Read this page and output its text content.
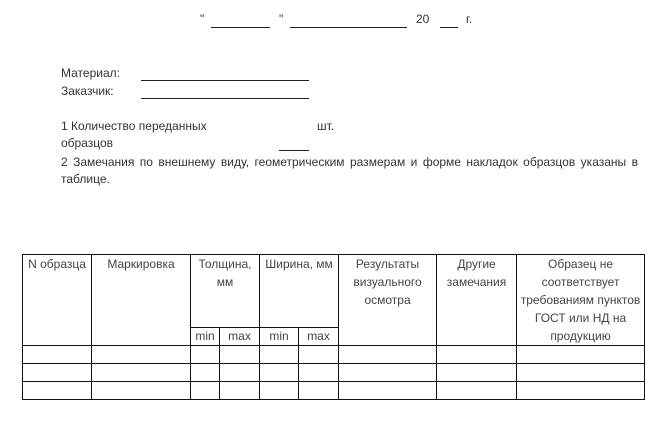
"	"	20	г.
Материал:
Заказчик:
1 Количество переданных	шт.
образцов
2 Замечания по внешнему виду, геометрическим размерам и форме накладок образцов указаны в таблице.
N образца	Маркировка	Толщина, мм		Ширина, мм		Результаты визуального осмотра	Другие замечания	Образец не соответствует требованиям пунктов ГОСТ или НД на продукцию
		min	max	min	max			
